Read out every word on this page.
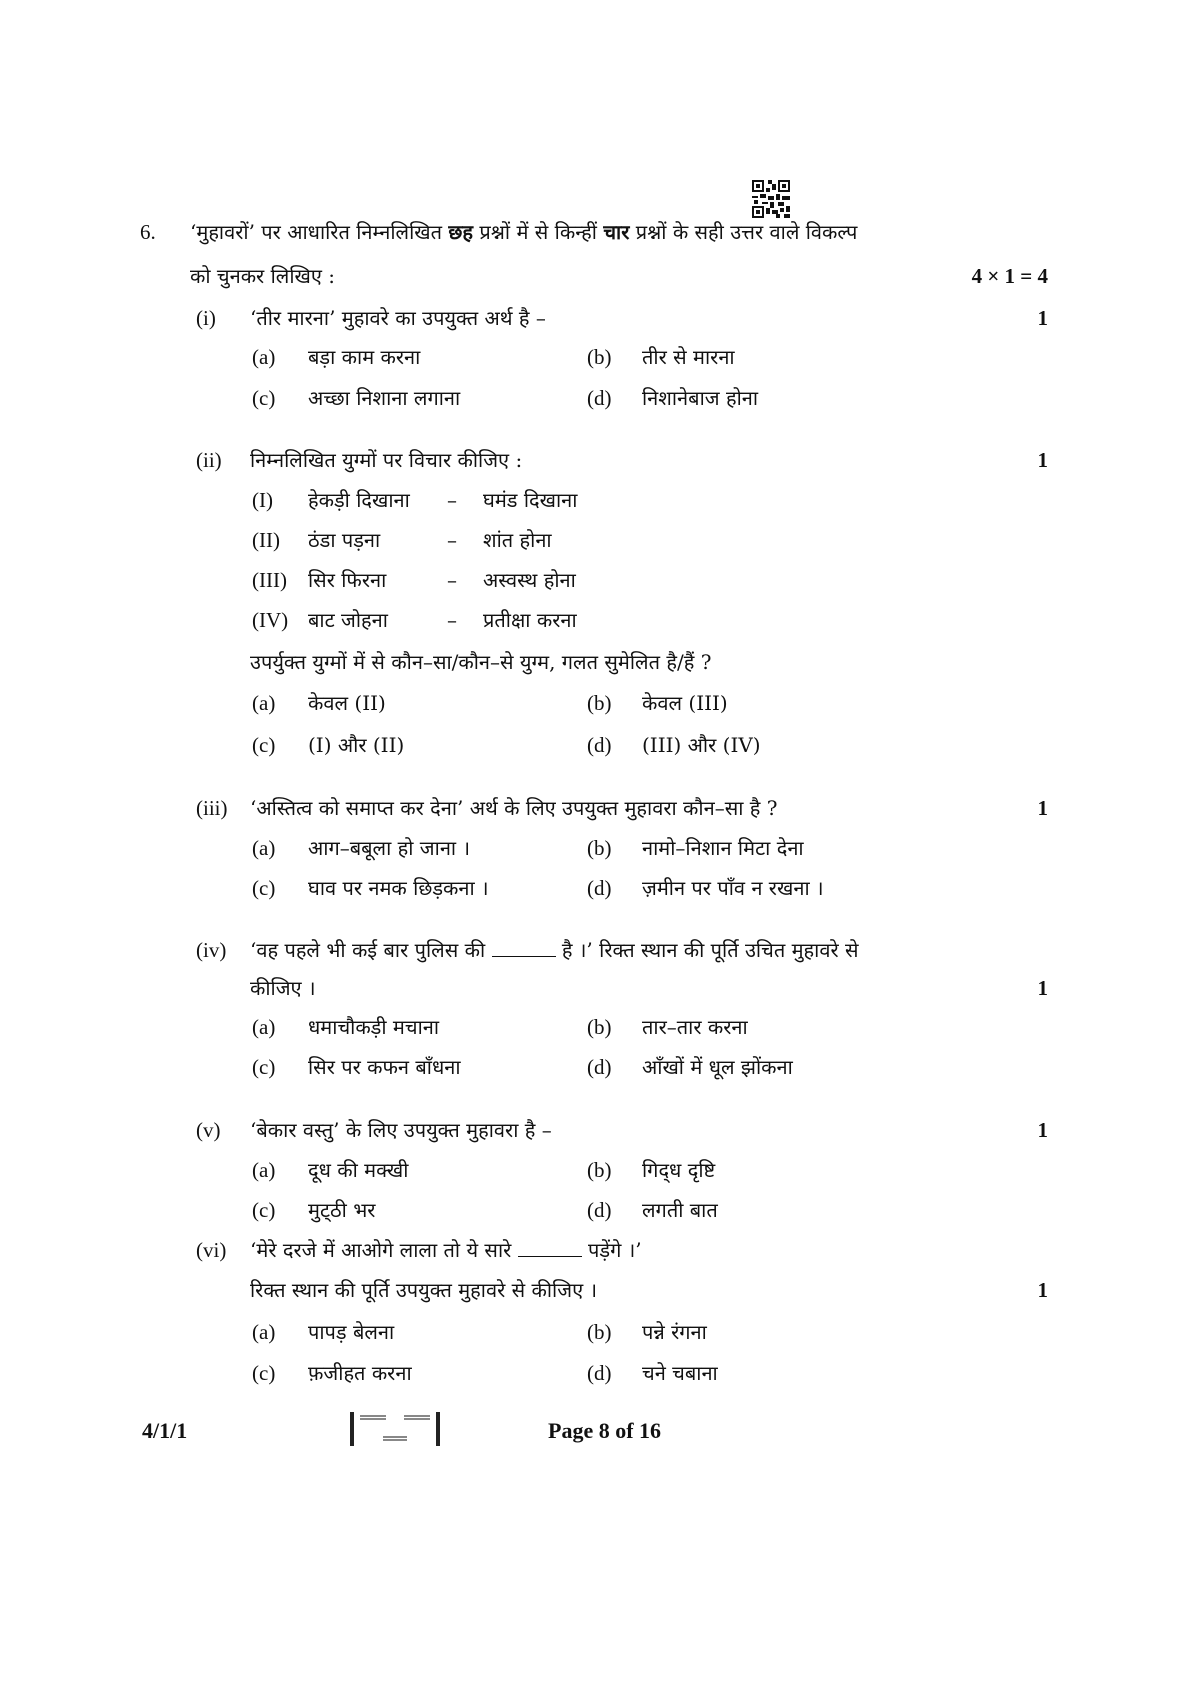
6. ‘मुहावरों’ पर आधारित निम्नलिखित छह प्रश्नों में से किन्हीं चार प्रश्नों के सही उत्तर वाले विकल्प
को चुनकर लिखिए :	4 × 1 = 4
(i) ‘तीर मारना’ मुहावरे का उपयुक्त अर्थ है –	1
(a) बड़ा काम करना	(b) तीर से मारना
(c) अच्छा निशाना लगाना	(d) निशानेबाज होना
(ii) निम्नलिखित युग्मों पर विचार कीजिए :	1
(I) हेकड़ी दिखाना – घमंड दिखाना
(II) ठंडा पड़ना	– शांत होना
(III) सिर फिरना	– अस्वस्थ होना
(IV) बाट जोहना	– प्रतीक्षा करना
उपर्युक्त युग्मों में से कौन–सा/कौन–से युग्म, गलत सुमेलित है/हैं ?
(a) केवल (II)	(b) केवल (III)
(c) (I) और (II)	(d) (III) और (IV)
(iii) ‘अस्तित्व को समाप्त कर देना’ अर्थ के लिए उपयुक्त मुहावरा कौन–सा है ?	1
(a) आग–बबूला हो जाना ।	(b) नामो–निशान मिटा देना
(c) घाव पर नमक छिड़कना ।	(d) ज़मीन पर पाँव न रखना ।
(iv) ‘वह पहले भी कई बार पुलिस की	है ।’ रिक्त स्थान की पूर्ति उचित मुहावरे से
कीजिए ।	1
(a) धमाचौकड़ी मचाना	(b) तार–तार करना
(c) सिर पर कफन बाँधना	(d) आँखों में धूल झोंकना
(v) ‘बेकार वस्तु’ के लिए उपयुक्त मुहावरा है –	1
(a) दूध की मक्खी	(b) गिद्‌ध दृष्टि
(c) मुट्‌ठी भर	(d) लगती बात
(vi) ‘मेरे दरजे में आओगे लाला तो ये सारे	पड़ेंगे ।’
रिक्त स्थान की पूर्ति उपयुक्त मुहावरे से कीजिए ।	1
(a) पापड़ बेलना	(b) पन्ने रंगना
(c) फ़जीहत करना	(d) चने चबाना
4/1/1	Page 8 of 16
